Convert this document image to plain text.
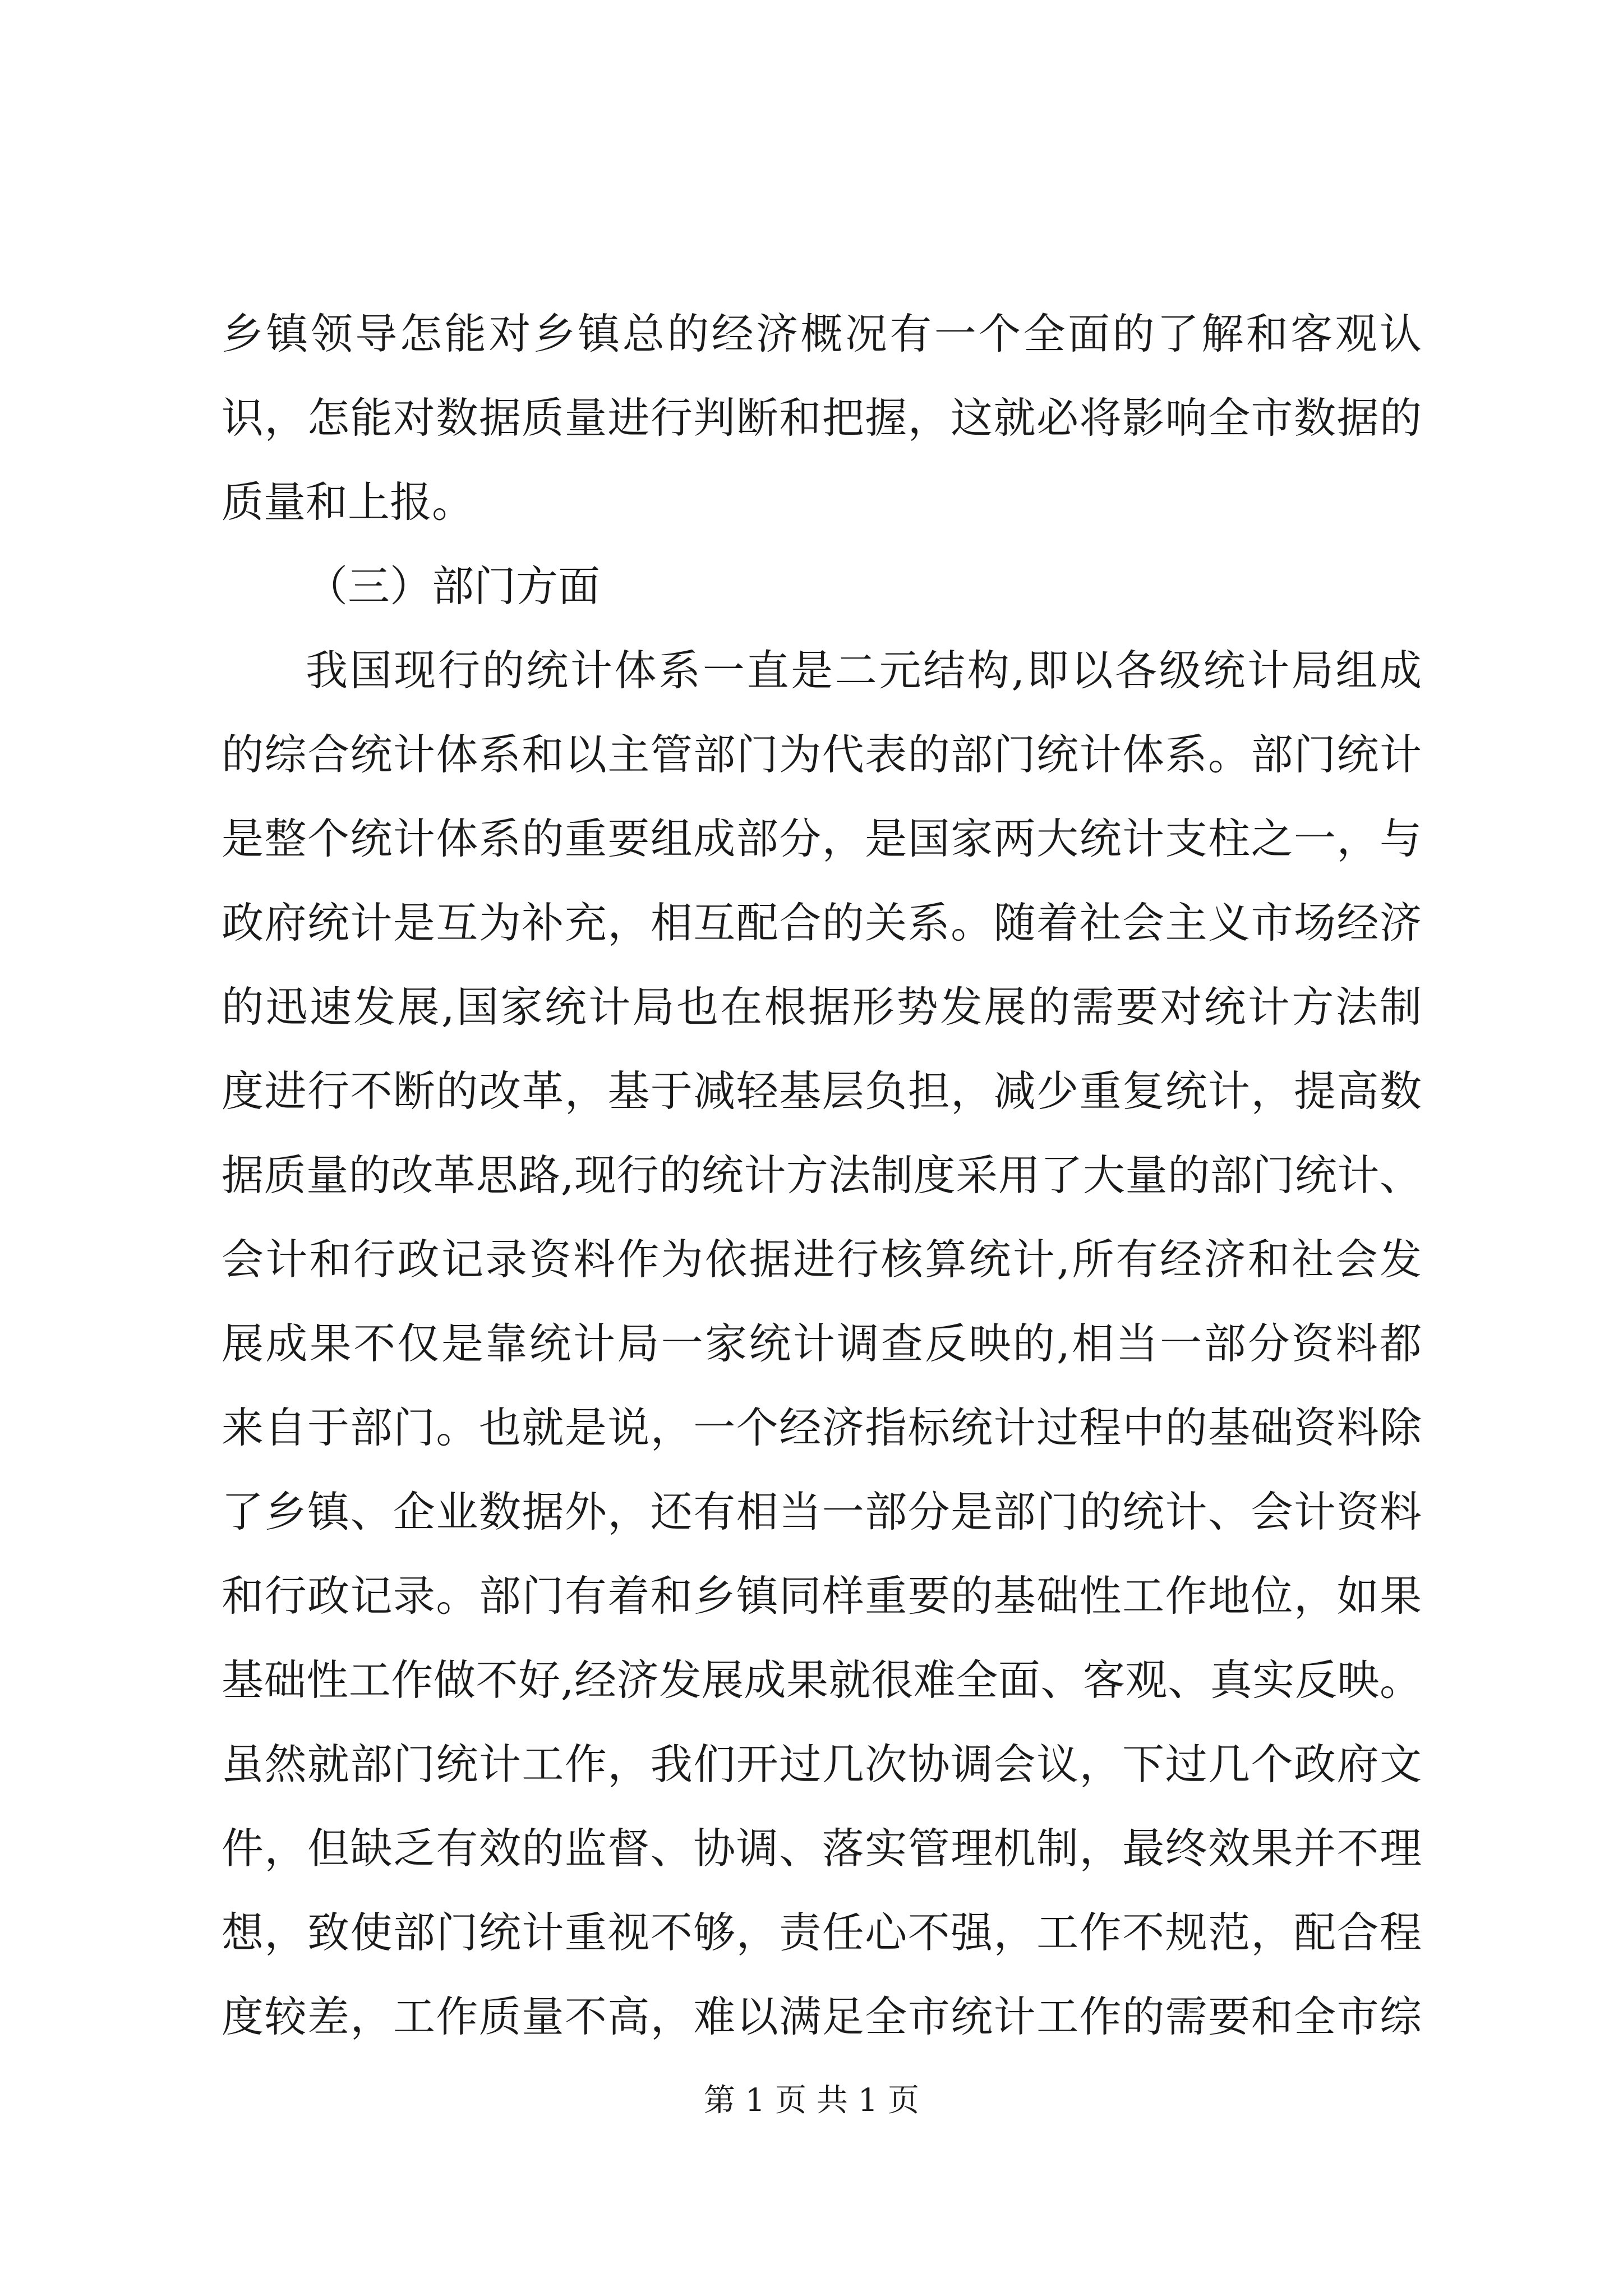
乡镇领导怎能对乡镇总的经济概况有一个全面的了解和客观认
识，怎能对数据质量进行判断和把握，这就必将影响全市数据的
质量和上报。
（三）部门方面
我国现行的统计体系一直是二元结构,即以各级统计局组成
的综合统计体系和以主管部门为代表的部门统计体系。部门统计
是整个统计体系的重要组成部分，是国家两大统计支柱之一，与
政府统计是互为补充，相互配合的关系。随着社会主义市场经济
的迅速发展,国家统计局也在根据形势发展的需要对统计方法制
度进行不断的改革，基于减轻基层负担，减少重复统计，提高数
据质量的改革思路,现行的统计方法制度采用了大量的部门统计、
会计和行政记录资料作为依据进行核算统计,所有经济和社会发
展成果不仅是靠统计局一家统计调查反映的,相当一部分资料都
来自于部门。也就是说，一个经济指标统计过程中的基础资料除
了乡镇、企业数据外，还有相当一部分是部门的统计、会计资料
和行政记录。部门有着和乡镇同样重要的基础性工作地位，如果
基础性工作做不好,经济发展成果就很难全面、客观、真实反映。
虽然就部门统计工作，我们开过几次协调会议，下过几个政府文
件，但缺乏有效的监督、协调、落实管理机制，最终效果并不理
想，致使部门统计重视不够，责任心不强，工作不规范，配合程
度较差，工作质量不高，难以满足全市统计工作的需要和全市综
第 1 页 共 1 页
